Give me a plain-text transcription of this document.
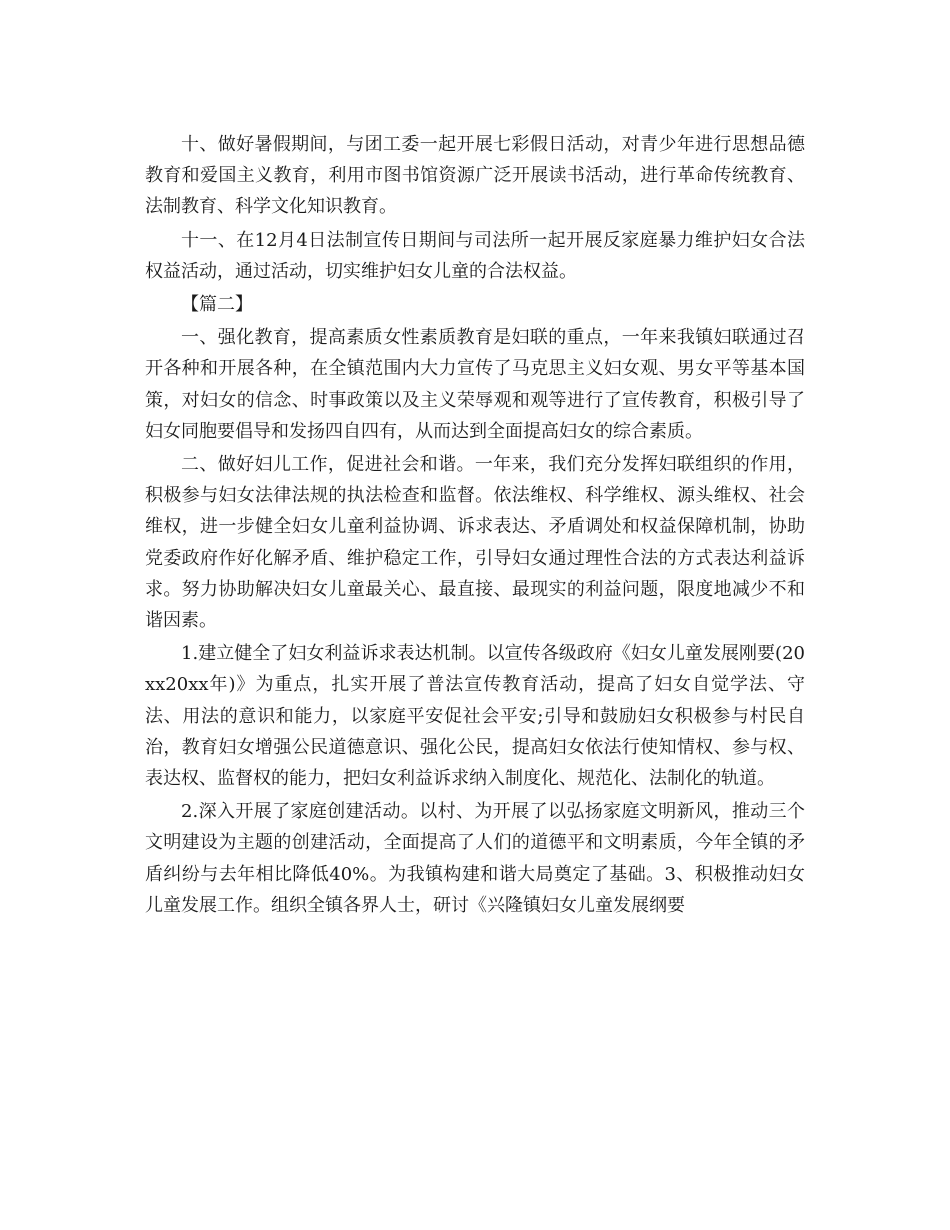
十、做好暑假期间，与团工委一起开展七彩假日活动，对青少年进行思想品德教育和爱国主义教育，利用市图书馆资源广泛开展读书活动，进行革命传统教育、法制教育、科学文化知识教育。

十一、在12月4日法制宣传日期间与司法所一起开展反家庭暴力维护妇女合法权益活动，通过活动，切实维护妇女儿童的合法权益。

【篇二】

一、强化教育，提高素质女性素质教育是妇联的重点，一年来我镇妇联通过召开各种和开展各种，在全镇范围内大力宣传了马克思主义妇女观、男女平等基本国策，对妇女的信念、时事政策以及主义荣辱观和观等进行了宣传教育，积极引导了妇女同胞要倡导和发扬四自四有，从而达到全面提高妇女的综合素质。

二、做好妇儿工作，促进社会和谐。一年来，我们充分发挥妇联组织的作用，积极参与妇女法律法规的执法检查和监督。依法维权、科学维权、源头维权、社会维权，进一步健全妇女儿童利益协调、诉求表达、矛盾调处和权益保障机制，协助党委政府作好化解矛盾、维护稳定工作，引导妇女通过理性合法的方式表达利益诉求。努力协助解决妇女儿童最关心、最直接、最现实的利益问题，限度地减少不和谐因素。

1.建立健全了妇女利益诉求表达机制。以宣传各级政府《妇女儿童发展刚要(20xx20xx年)》为重点，扎实开展了普法宣传教育活动，提高了妇女自觉学法、守法、用法的意识和能力，以家庭平安促社会平安;引导和鼓励妇女积极参与村民自治，教育妇女增强公民道德意识、强化公民，提高妇女依法行使知情权、参与权、表达权、监督权的能力，把妇女利益诉求纳入制度化、规范化、法制化的轨道。

2.深入开展了家庭创建活动。以村、为开展了以弘扬家庭文明新风，推动三个文明建设为主题的创建活动，全面提高了人们的道德平和文明素质，今年全镇的矛盾纠纷与去年相比降低40%。为我镇构建和谐大局奠定了基础。3、积极推动妇女儿童发展工作。组织全镇各界人士，研讨《兴隆镇妇女儿童发展纲要
